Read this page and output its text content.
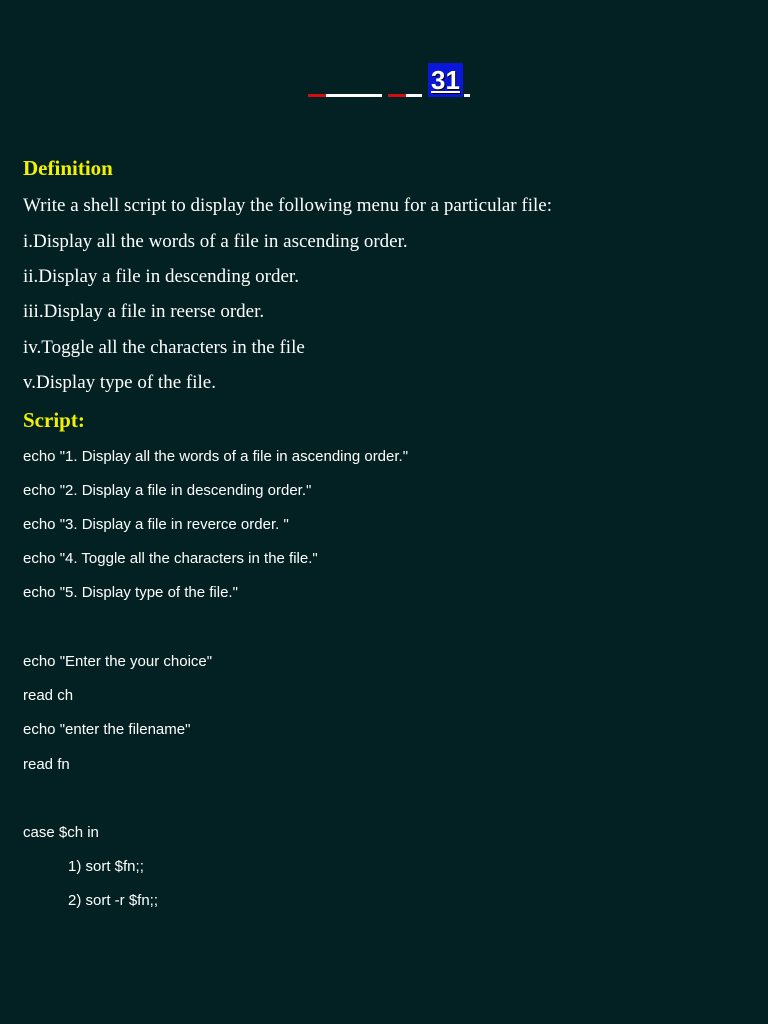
31
Definition
Write a shell script to display the following menu for a particular file:
i.Display all the words of a file in ascending order.
ii.Display a file in descending order.
iii.Display a file in reerse order.
iv.Toggle all the characters in the file
v.Display type of the file.
Script:
echo "1. Display all the words of a file in ascending order."
echo "2. Display a file in descending order."
echo "3. Display a file in reverce order. "
echo "4. Toggle all the characters in the file."
echo "5. Display type of the file."
echo "Enter the your choice"
read ch
echo "enter the filename"
read fn
case $ch in
1) sort $fn;;
2) sort -r $fn;;
